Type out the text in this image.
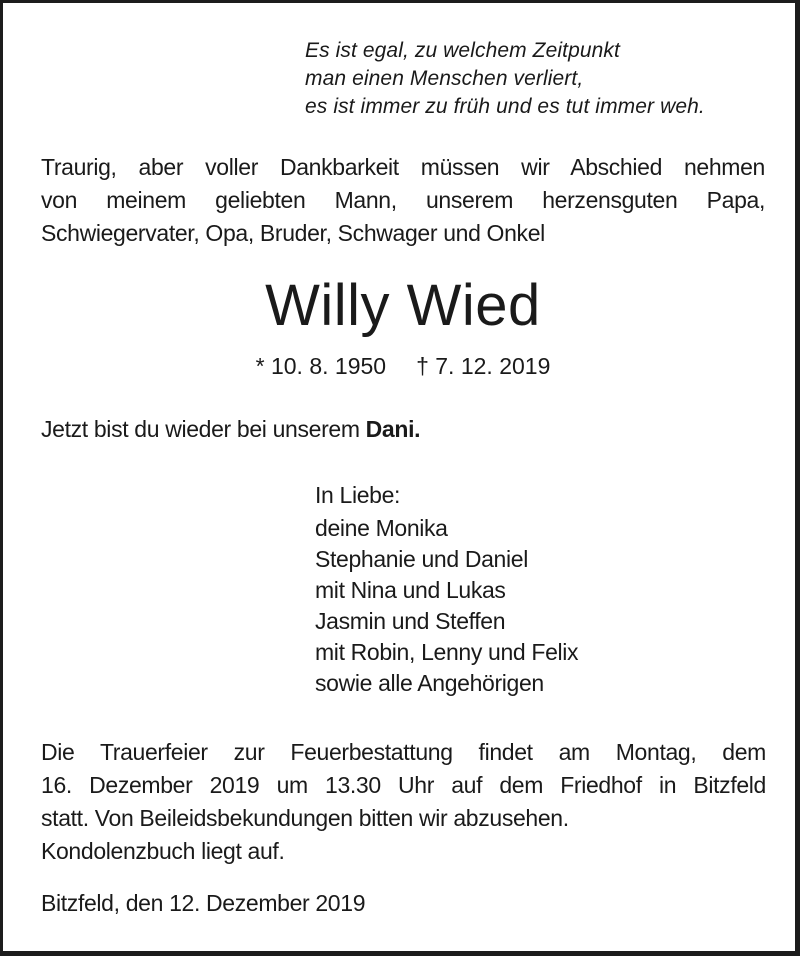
Es ist egal, zu welchem Zeitpunkt
man einen Menschen verliert,
es ist immer zu früh und es tut immer weh.
Traurig, aber voller Dankbarkeit müssen wir Abschied nehmen
von meinem geliebten Mann, unserem herzensguten Papa,
Schwiegervater, Opa, Bruder, Schwager und Onkel
Willy Wied
* 10. 8. 1950 † 7. 12. 2019
Jetzt bist du wieder bei unserem Dani.
In Liebe:
deine Monika
Stephanie und Daniel
mit Nina und Lukas
Jasmin und Steffen
mit Robin, Lenny und Felix
sowie alle Angehörigen
Die Trauerfeier zur Feuerbestattung findet am Montag, dem
16. Dezember 2019 um 13.30 Uhr auf dem Friedhof in Bitzfeld
statt. Von Beileidsbekundungen bitten wir abzusehen.
Kondolenzbuch liegt auf.
Bitzfeld, den 12. Dezember 2019
